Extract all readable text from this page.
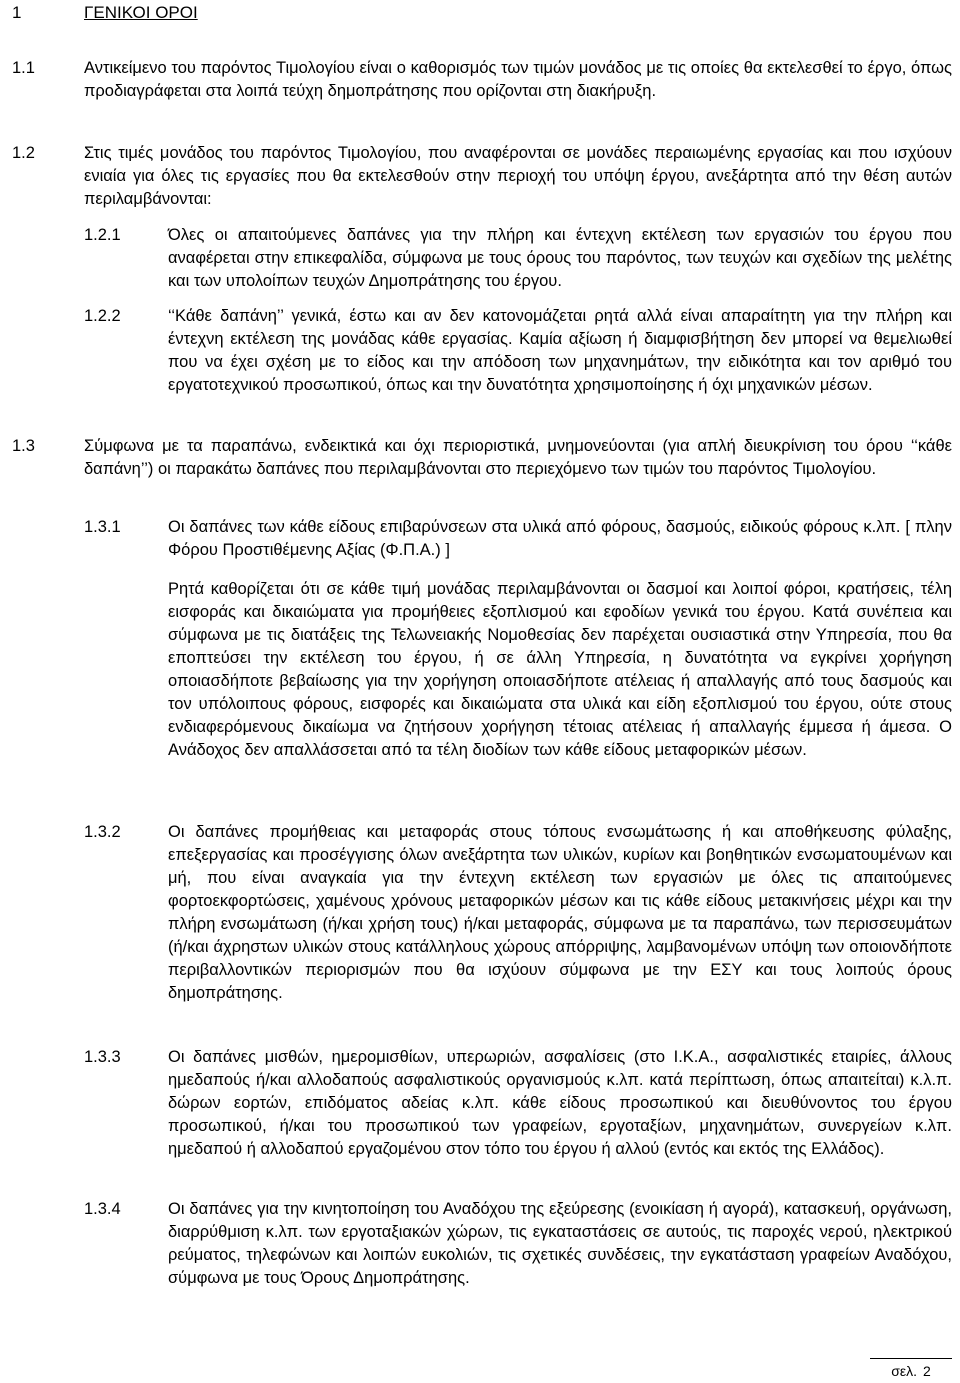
1	ΓΕΝΙΚΟΙ ΟΡΟΙ
1.1	Αντικείμενο του παρόντος Τιμολογίου είναι ο καθορισμός των τιμών μονάδος με τις οποίες θα εκτελεσθεί το έργο, όπως προδιαγράφεται στα λοιπά τεύχη δημοπράτησης που ορίζονται στη διακήρυξη.
1.2	Στις τιμές μονάδος του παρόντος Τιμολογίου, που αναφέρονται σε μονάδες περαιωμένης εργασίας και που ισχύουν ενιαία για όλες τις εργασίες που θα εκτελεσθούν στην περιοχή του υπόψη έργου, ανεξάρτητα από την θέση αυτών περιλαμβάνονται:
1.2.1	Όλες οι απαιτούμενες δαπάνες για την πλήρη και έντεχνη εκτέλεση των εργασιών του έργου που αναφέρεται στην επικεφαλίδα, σύμφωνα με τους όρους του παρόντος, των τευχών και σχεδίων της μελέτης και των υπολοίπων τευχών Δημοπράτησης του έργου.
1.2.2	‘‘Κάθε δαπάνη’’ γενικά, έστω και αν δεν κατονομάζεται ρητά αλλά είναι απαραίτητη για την πλήρη και έντεχνη εκτέλεση της μονάδας κάθε εργασίας. Καμία αξίωση ή διαμφισβήτηση δεν μπορεί να θεμελιωθεί που να έχει σχέση με το είδος και την απόδοση των μηχανημάτων, την ειδικότητα και τον αριθμό του εργατοτεχνικού προσωπικού, όπως και την δυνατότητα χρησιμοποίησης ή όχι μηχανικών μέσων.
1.3	Σύμφωνα με τα παραπάνω, ενδεικτικά και όχι περιοριστικά, μνημονεύονται (για απλή διευκρίνιση του όρου ‘‘κάθε δαπάνη’’) οι παρακάτω δαπάνες που περιλαμβάνονται στο περιεχόμενο των τιμών του παρόντος Τιμολογίου.
1.3.1	Οι δαπάνες των κάθε είδους επιβαρύνσεων στα υλικά από φόρους, δασμούς, ειδικούς φόρους κ.λπ. [ πλην Φόρου Προστιθέμενης Αξίας (Φ.Π.Α.) ]
Ρητά καθορίζεται ότι σε κάθε τιμή μονάδας περιλαμβάνονται οι δασμοί και λοιποί φόροι, κρατήσεις, τέλη εισφοράς και δικαιώματα για προμήθειες εξοπλισμού και εφοδίων γενικά του έργου. Κατά συνέπεια και σύμφωνα με τις διατάξεις της Τελωνειακής Νομοθεσίας δεν παρέχεται ουσιαστικά στην Υπηρεσία, που θα εποπτεύσει την εκτέλεση του έργου, ή σε άλλη Υπηρεσία, η δυνατότητα να εγκρίνει χορήγηση οποιασδήποτε βεβαίωσης για την χορήγηση οποιασδήποτε ατέλειας ή απαλλαγής από τους δασμούς και τον υπόλοιπους φόρους, εισφορές και δικαιώματα στα υλικά και είδη εξοπλισμού του έργου, ούτε στους ενδιαφερόμενους δικαίωμα να ζητήσουν χορήγηση τέτοιας ατέλειας ή απαλλαγής έμμεσα ή άμεσα. Ο Ανάδοχος δεν απαλλάσσεται από τα τέλη διοδίων των κάθε είδους μεταφορικών μέσων.
1.3.2	Οι δαπάνες προμήθειας και μεταφοράς στους τόπους ενσωμάτωσης ή και αποθήκευσης φύλαξης, επεξεργασίας και προσέγγισης όλων ανεξάρτητα των υλικών, κυρίων και βοηθητικών ενσωματουμένων και μή, που είναι αναγκαία για την έντεχνη εκτέλεση των εργασιών με όλες τις απαιτούμενες φορτοεκφορτώσεις, χαμένους χρόνους μεταφορικών μέσων και τις κάθε είδους μετακινήσεις μέχρι και την πλήρη ενσωμάτωση (ή/και χρήση τους) ή/και μεταφοράς, σύμφωνα με τα παραπάνω, των περισσευμάτων (ή/και άχρηστων υλικών στους κατάλληλους χώρους απόρριψης, λαμβανομένων υπόψη των οποιονδήποτε περιβαλλοντικών περιορισμών που θα ισχύουν σύμφωνα με την ΕΣΥ και τους λοιπούς όρους δημοπράτησης.
1.3.3	Οι δαπάνες μισθών, ημερομισθίων, υπερωριών, ασφαλίσεις (στο Ι.Κ.Α., ασφαλιστικές εταιρίες, άλλους ημεδαπούς ή/και αλλοδαπούς ασφαλιστικούς οργανισμούς κ.λπ. κατά περίπτωση, όπως απαιτείται) κ.λ.π. δώρων εορτών, επιδόματος αδείας κ.λπ. κάθε είδους προσωπικού και διευθύνοντος του έργου προσωπικού, ή/και του προσωπικού των γραφείων, εργοταξίων, μηχανημάτων, συνεργείων κ.λπ. ημεδαπού ή αλλοδαπού εργαζομένου στον τόπο του έργου ή αλλού (εντός και εκτός της Ελλάδος).
1.3.4	Οι δαπάνες για την κινητοποίηση του Αναδόχου της εξεύρεσης (ενοικίαση ή αγορά), κατασκευή, οργάνωση, διαρρύθμιση κ.λπ. των εργοταξιακών χώρων, τις εγκαταστάσεις σε αυτούς, τις παροχές νερού, ηλεκτρικού ρεύματος, τηλεφώνων και λοιπών ευκολιών, τις σχετικές συνδέσεις, την εγκατάσταση γραφείων Αναδόχου, σύμφωνα με τους Όρους Δημοπράτησης.
σελ. 2
